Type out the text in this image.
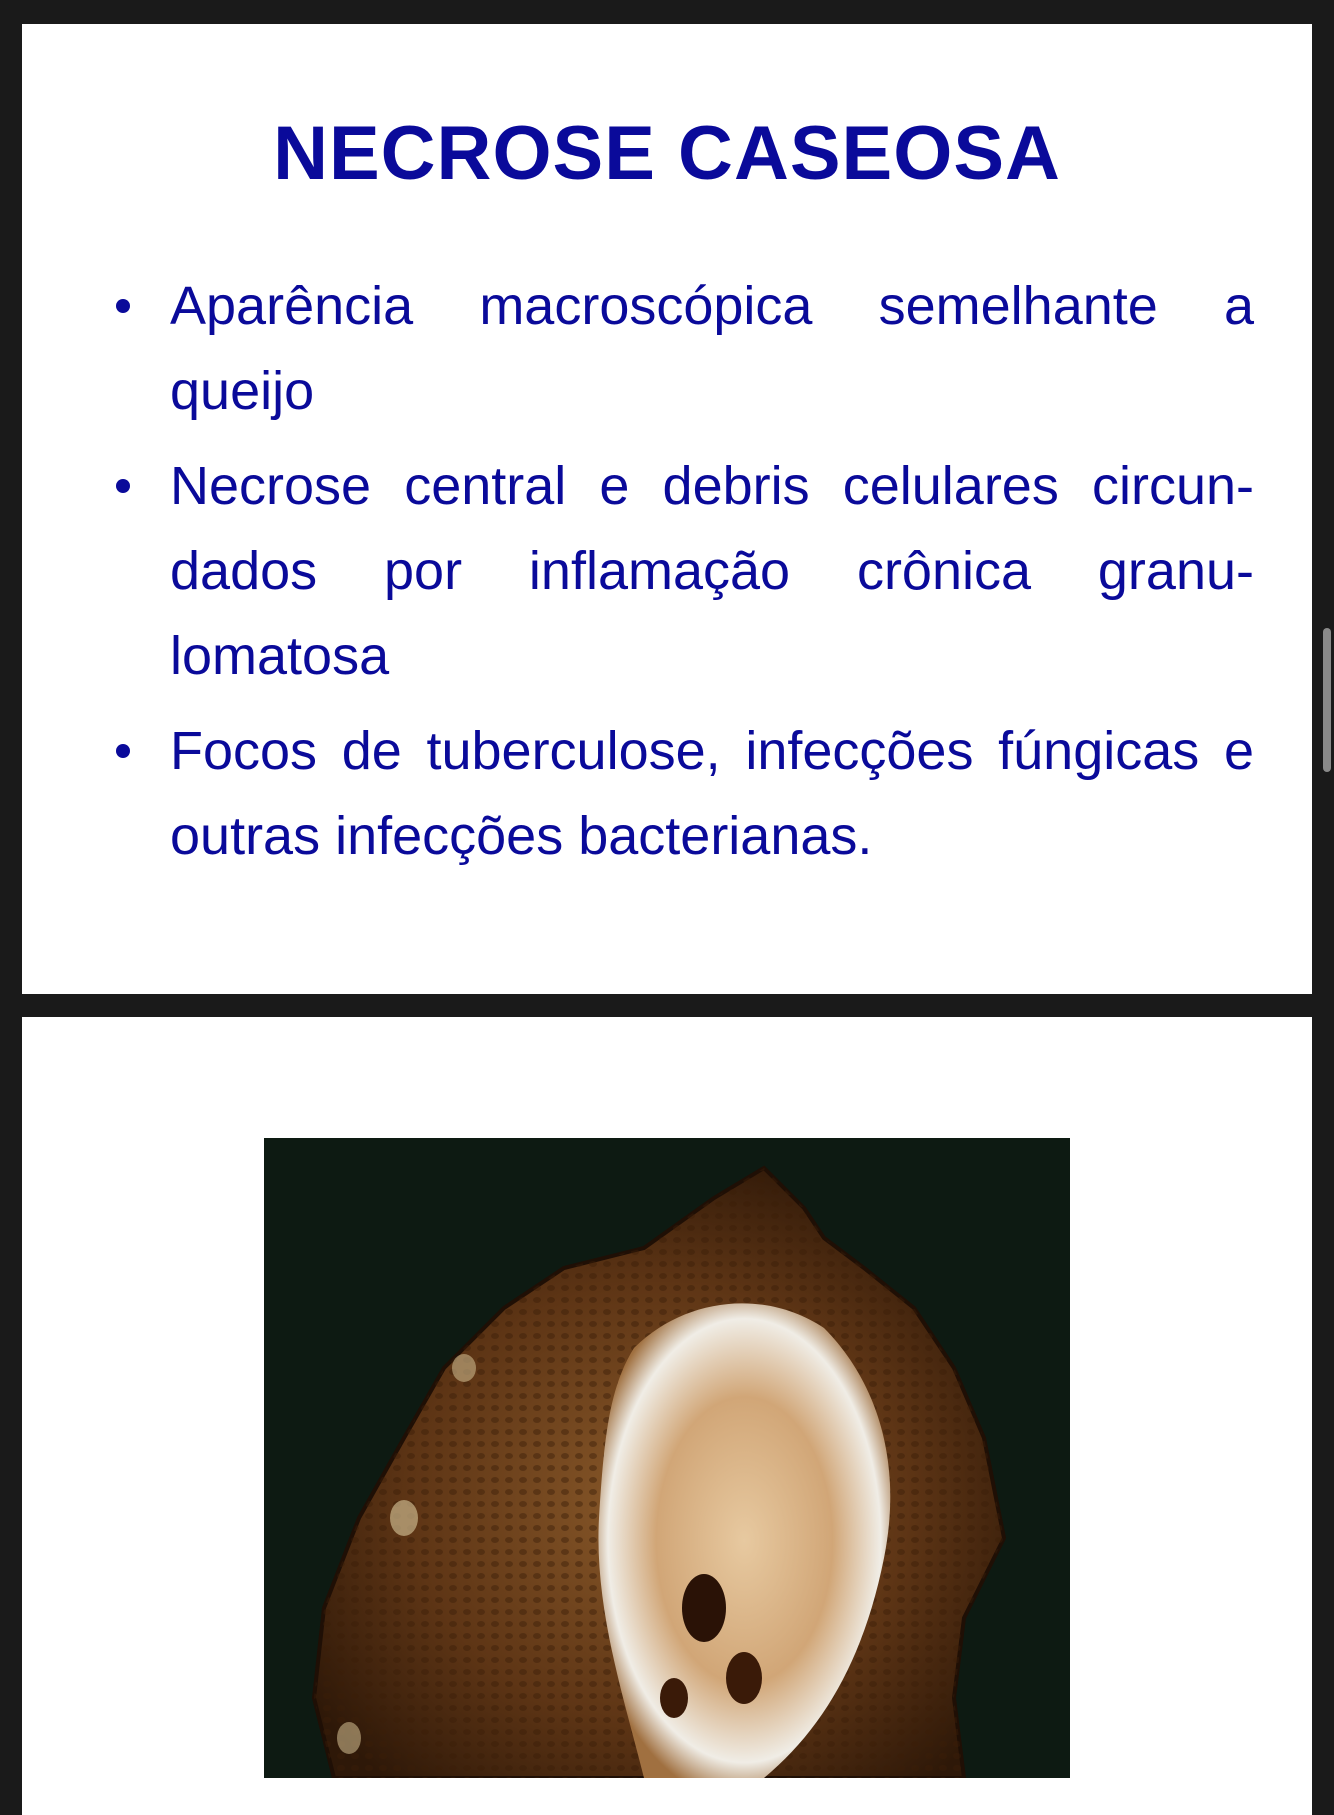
NECROSE CASEOSA
Aparência macroscópica semelhante a queijo
Necrose central e debris celulares circun-dados por inflamação crônica granu-lomatosa
Focos de tuberculose, infecções fúngicas e outras infecções bacterianas.
